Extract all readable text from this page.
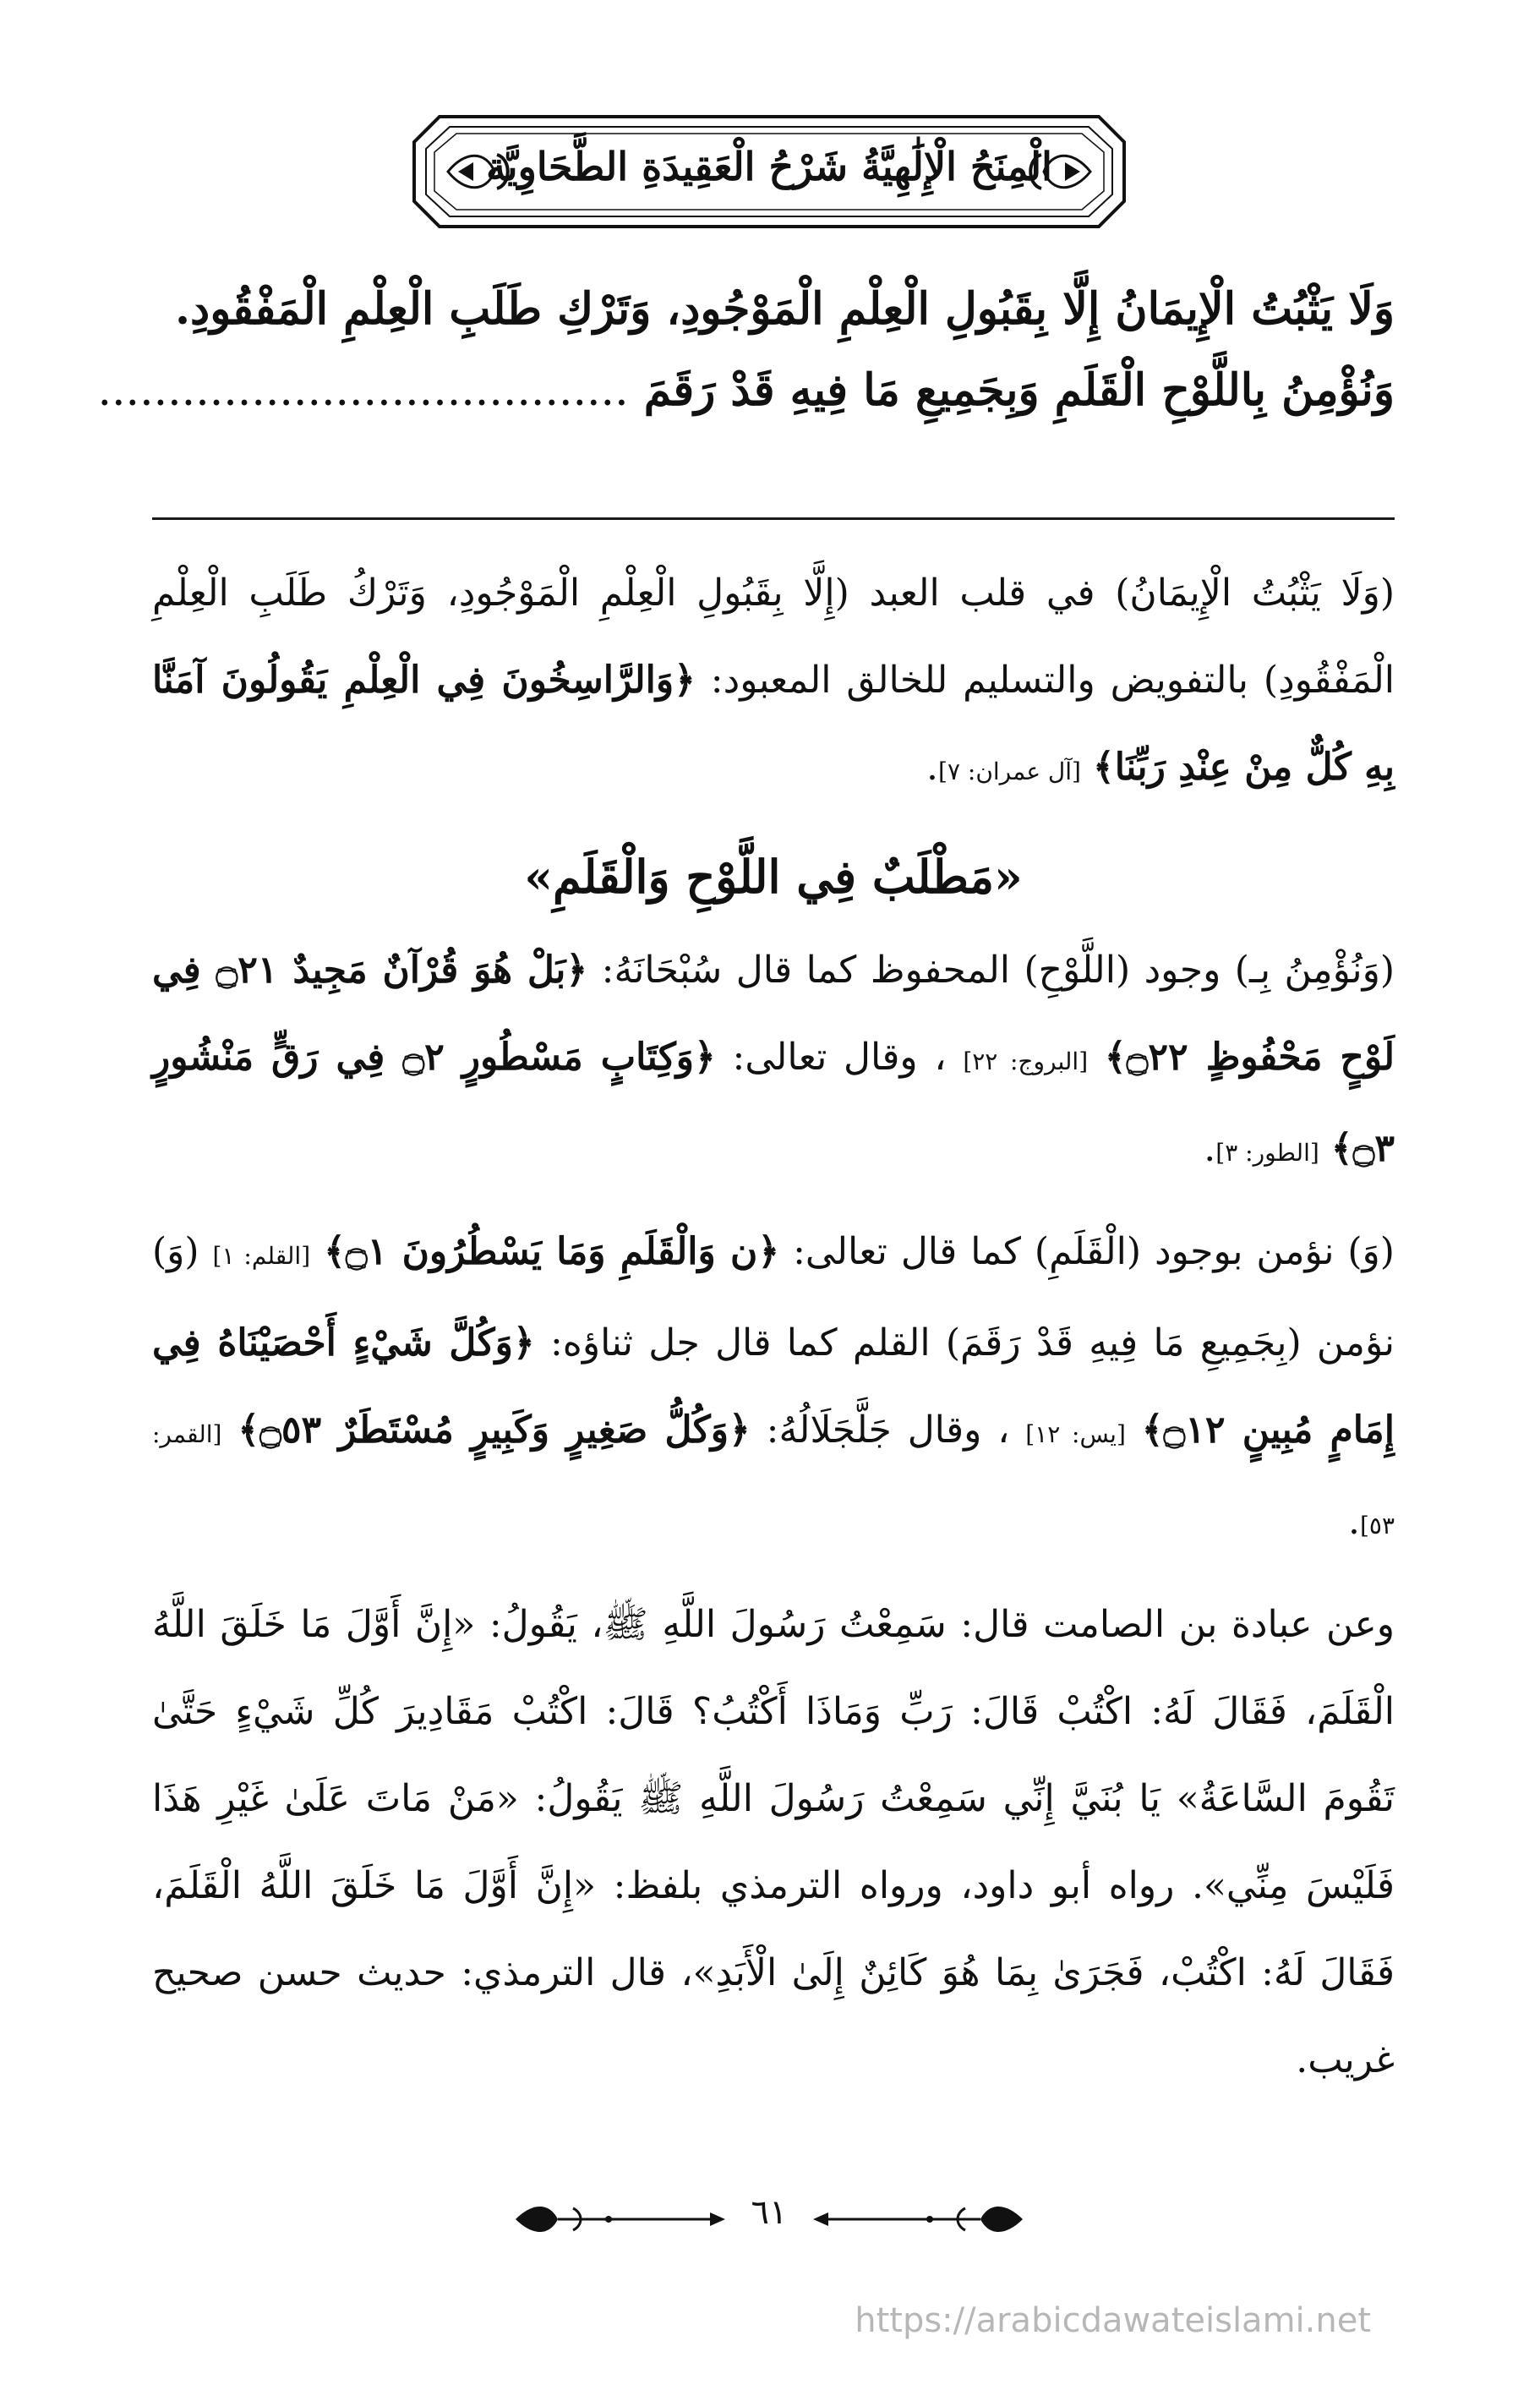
الْمِنَحُ الْإِلَٰهِيَّةُ شَرْحُ الْعَقِيدَةِ الطَّحَاوِيَّة
وَلَا يَثْبُتُ الْإِيمَانُ إِلَّا بِقَبُولِ الْعِلْمِ الْمَوْجُودِ، وَتَرْكِ طَلَبِ الْعِلْمِ الْمَفْقُودِ.
وَنُؤْمِنُ بِاللَّوْحِ الْقَلَمِ وَبِجَمِيعِ مَا فِيهِ قَدْ رَقَمَ ......................................

(وَلَا يَثْبُتُ الْإِيمَانُ) في قلب العبد (إِلَّا بِقَبُولِ الْعِلْمِ الْمَوْجُودِ، وَتَرْكُ طَلَبِ الْعِلْمِ الْمَفْقُودِ) بالتفويض والتسليم للخالق المعبود: ﴿وَالرَّاسِخُونَ فِي الْعِلْمِ يَقُولُونَ آمَنَّا بِهِ كُلٌّ مِنْ عِنْدِ رَبِّنَا﴾ [آل عمران: ٧].

«مَطْلَبٌ فِي اللَّوْحِ وَالْقَلَمِ»

(وَنُؤْمِنُ بِـ) وجود (اللَّوْحِ) المحفوظ كما قال سُبْحَانَهُ: ﴿بَلْ هُوَ قُرْآنٌ مَجِيدٌ ۝٢١ فِي لَوْحٍ مَحْفُوظٍ ۝٢٢﴾ [البروج: ٢٢] ، وقال تعالى: ﴿وَكِتَابٍ مَسْطُورٍ ۝٢ فِي رَقٍّ مَنْشُورٍ ۝٣﴾ [الطور: ٣].

(وَ) نؤمن بوجود (الْقَلَمِ) كما قال تعالى: ﴿ن وَالْقَلَمِ وَمَا يَسْطُرُونَ ۝١﴾ [القلم: ١] (وَ) نؤمن (بِجَمِيعِ مَا فِيهِ قَدْ رَقَمَ) القلم كما قال جل ثناؤه: ﴿وَكُلَّ شَيْءٍ أَحْصَيْنَاهُ فِي إِمَامٍ مُبِينٍ ۝١٢﴾ [يس: ١٢] ، وقال جَلَّجَلَالُهُ: ﴿وَكُلُّ صَغِيرٍ وَكَبِيرٍ مُسْتَطَرٌ ۝٥٣﴾ [القمر: ٥٣].

وعن عبادة بن الصامت قال: سَمِعْتُ رَسُولَ اللَّهِ ﷺ، يَقُولُ: «إِنَّ أَوَّلَ مَا خَلَقَ اللَّهُ الْقَلَمَ، فَقَالَ لَهُ: اكْتُبْ قَالَ: رَبِّ وَمَاذَا أَكْتُبُ؟ قَالَ: اكْتُبْ مَقَادِيرَ كُلِّ شَيْءٍ حَتَّىٰ تَقُومَ السَّاعَةُ» يَا بُنَيَّ إِنِّي سَمِعْتُ رَسُولَ اللَّهِ ﷺ يَقُولُ: «مَنْ مَاتَ عَلَىٰ غَيْرِ هَذَا فَلَيْسَ مِنِّي». رواه أبو داود، ورواه الترمذي بلفظ: «إِنَّ أَوَّلَ مَا خَلَقَ اللَّهُ الْقَلَمَ، فَقَالَ لَهُ: اكْتُبْ، فَجَرَىٰ بِمَا هُوَ كَائِنٌ إِلَىٰ الْأَبَدِ»، قال الترمذي: حديث حسن صحيح غريب.

٦١
https://arabicdawateislami.net
